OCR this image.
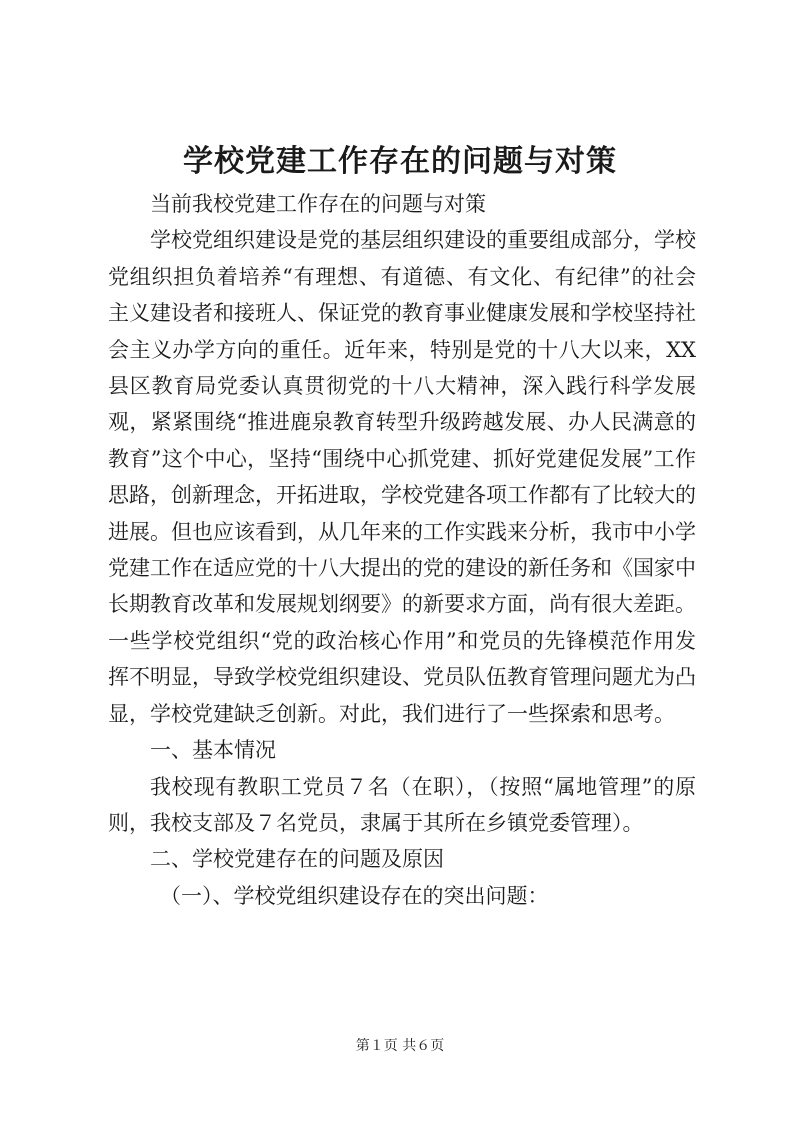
学校党建工作存在的问题与对策

当前我校党建工作存在的问题与对策

学校党组织建设是党的基层组织建设的重要组成部分，学校党组织担负着培养“有理想、有道德、有文化、有纪律”的社会主义建设者和接班人、保证党的教育事业健康发展和学校坚持社会主义办学方向的重任。近年来，特别是党的十八大以来，XX县区教育局党委认真贯彻党的十八大精神，深入践行科学发展观，紧紧围绕“推进鹿泉教育转型升级跨越发展、办人民满意的教育”这个中心，坚持“围绕中心抓党建、抓好党建促发展”工作思路，创新理念，开拓进取，学校党建各项工作都有了比较大的进展。但也应该看到，从几年来的工作实践来分析，我市中小学党建工作在适应党的十八大提出的党的建设的新任务和《国家中长期教育改革和发展规划纲要》的新要求方面，尚有很大差距。一些学校党组织“党的政治核心作用”和党员的先锋模范作用发挥不明显，导致学校党组织建设、党员队伍教育管理问题尤为凸显，学校党建缺乏创新。对此，我们进行了一些探索和思考。

一、基本情况

我校现有教职工党员７名（在职），（按照“属地管理”的原则，我校支部及７名党员，隶属于其所在乡镇党委管理）。

二、学校党建存在的问题及原因

（一）、学校党组织建设存在的突出问题：

第１页 共６页
